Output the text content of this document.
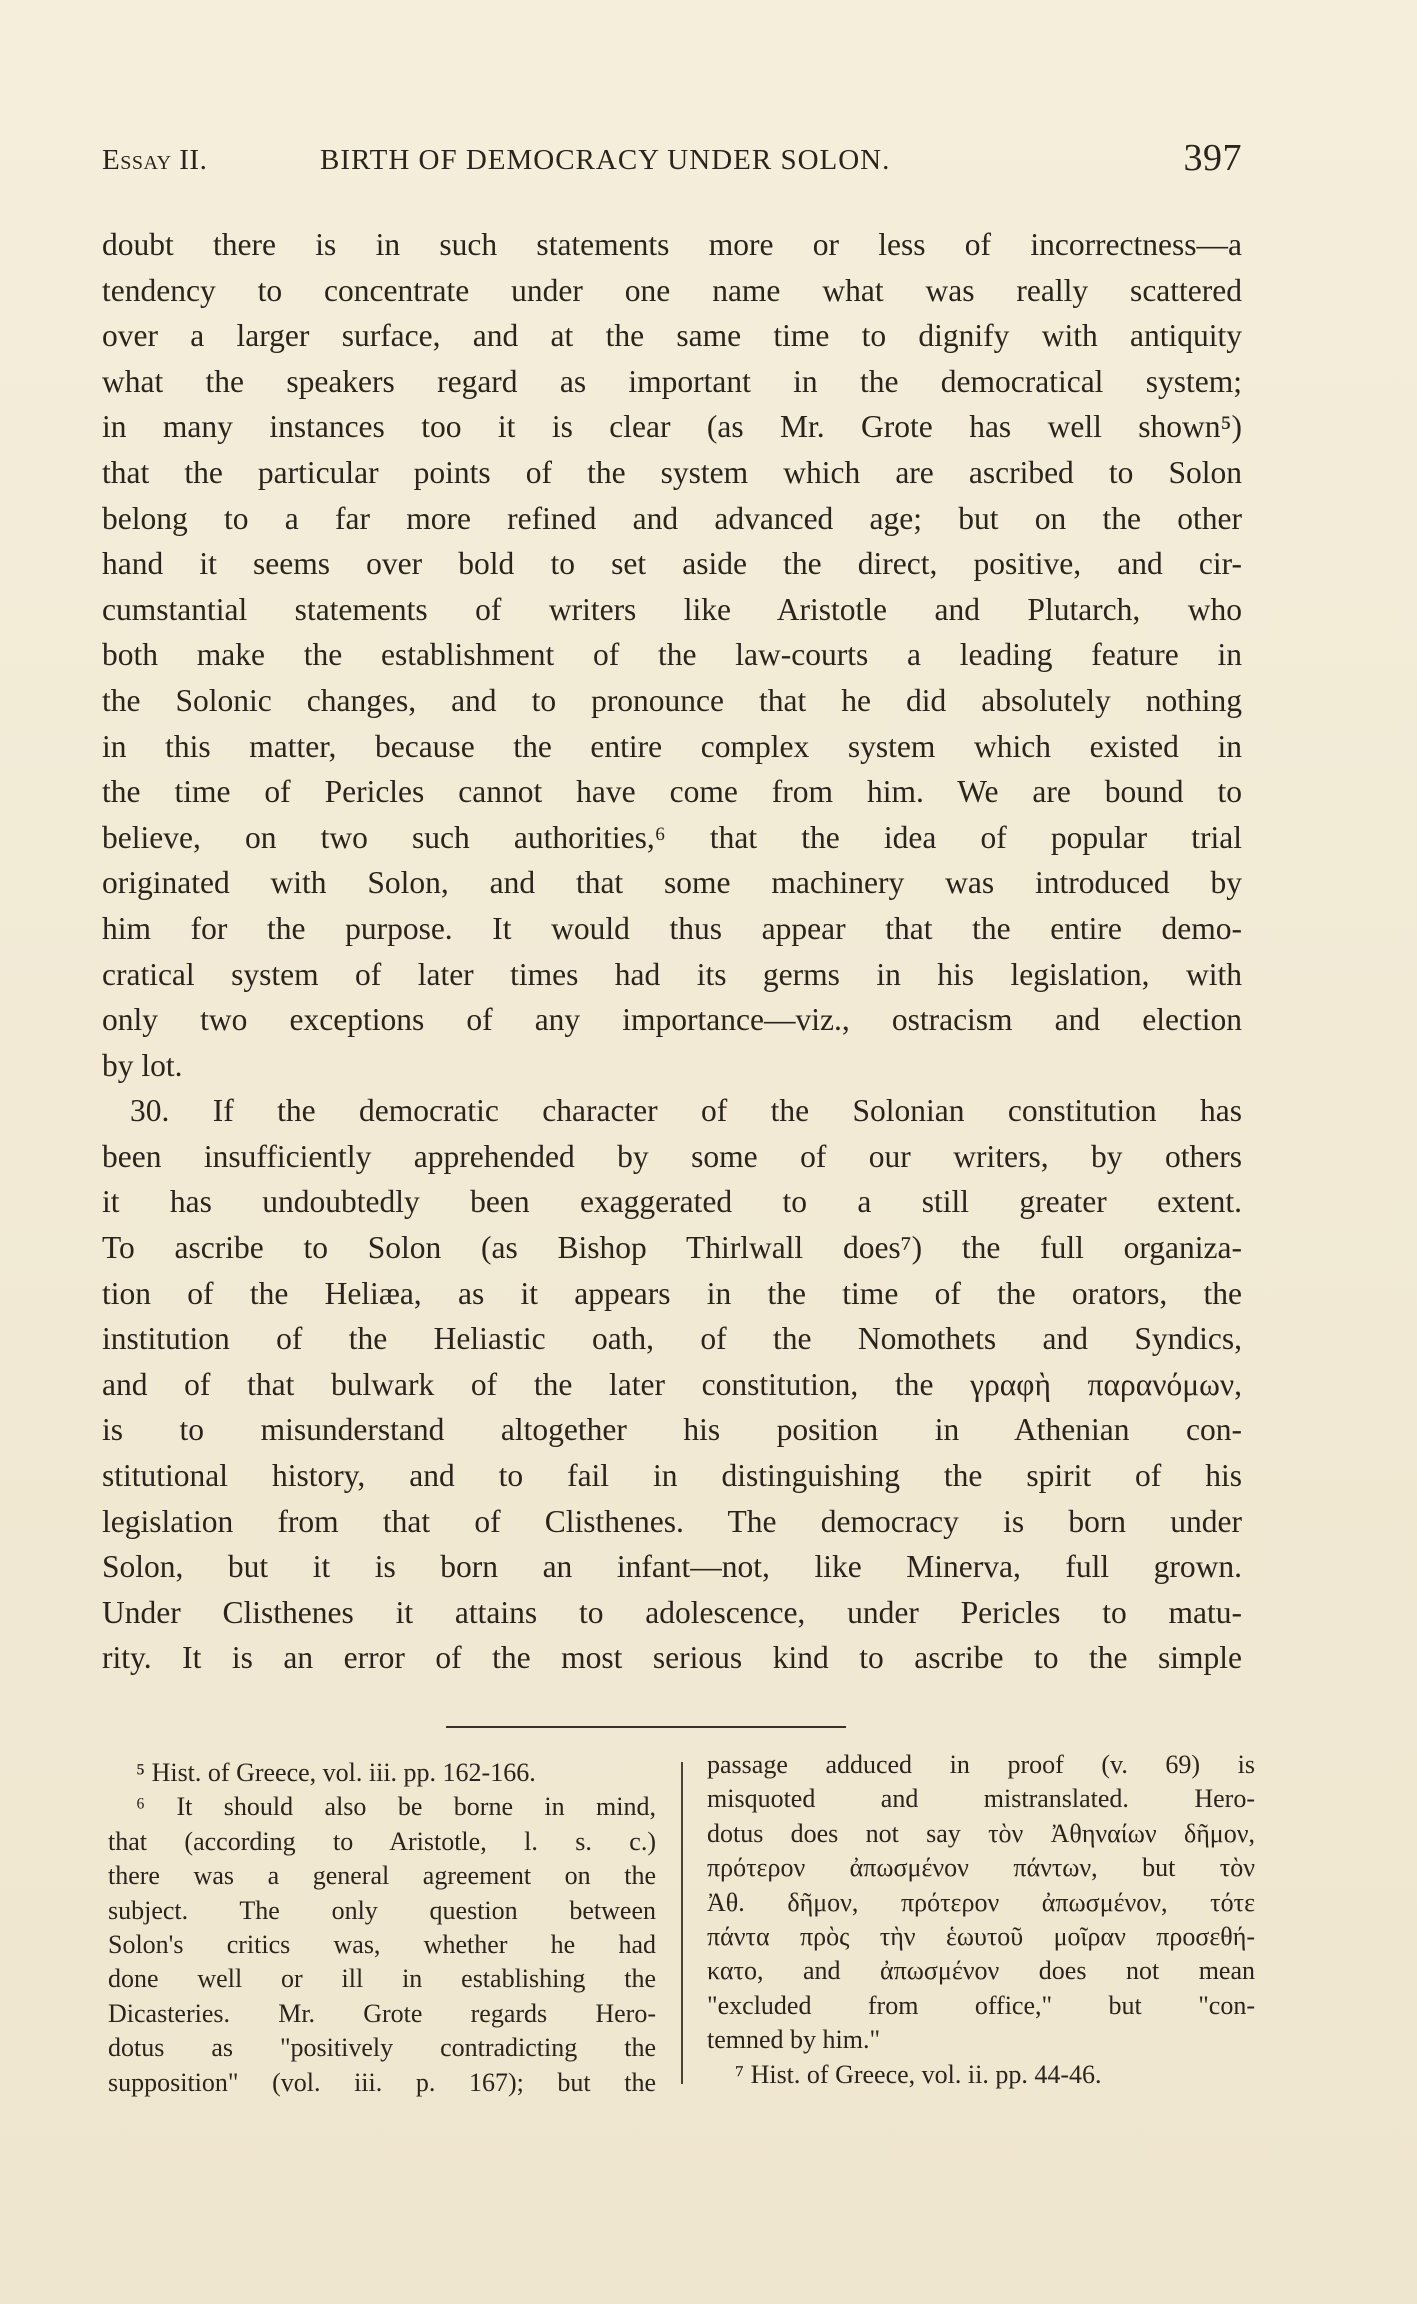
Essay II.	BIRTH OF DEMOCRACY UNDER SOLON.	397
doubt there is in such statements more or less of incorrectness—a
tendency to concentrate under one name what was really scattered
over a larger surface, and at the same time to dignify with antiquity
what the speakers regard as important in the democratical system;
in many instances too it is clear (as Mr. Grote has well shown⁵)
that the particular points of the system which are ascribed to Solon
belong to a far more refined and advanced age; but on the other
hand it seems over bold to set aside the direct, positive, and cir-
cumstantial statements of writers like Aristotle and Plutarch, who
both make the establishment of the law-courts a leading feature in
the Solonic changes, and to pronounce that he did absolutely nothing
in this matter, because the entire complex system which existed in
the time of Pericles cannot have come from him. We are bound to
believe, on two such authorities,⁶ that the idea of popular trial
originated with Solon, and that some machinery was introduced by
him for the purpose. It would thus appear that the entire demo-
cratical system of later times had its germs in his legislation, with
only two exceptions of any importance—viz., ostracism and election
by lot.
30. If the democratic character of the Solonian constitution has
been insufficiently apprehended by some of our writers, by others
it has undoubtedly been exaggerated to a still greater extent.
To ascribe to Solon (as Bishop Thirlwall does⁷) the full organiza-
tion of the Heliæa, as it appears in the time of the orators, the
institution of the Heliastic oath, of the Nomothets and Syndics,
and of that bulwark of the later constitution, the γραφὴ παρανόμων,
is to misunderstand altogether his position in Athenian con-
stitutional history, and to fail in distinguishing the spirit of his
legislation from that of Clisthenes. The democracy is born under
Solon, but it is born an infant—not, like Minerva, full grown.
Under Clisthenes it attains to adolescence, under Pericles to matu-
rity. It is an error of the most serious kind to ascribe to the simple
⁵ Hist. of Greece, vol. iii. pp. 162-166.
⁶ It should also be borne in mind,
that (according to Aristotle, l. s. c.)
there was a general agreement on the
subject. The only question between
Solon's critics was, whether he had
done well or ill in establishing the
Dicasteries. Mr. Grote regards Hero-
dotus as "positively contradicting the
supposition" (vol. iii. p. 167); but the
passage adduced in proof (v. 69) is
misquoted and mistranslated. Hero-
dotus does not say τὸν Ἀθηναίων δῆμον,
πρότερον ἀπωσμένον πάντων, but τὸν
Ἀθ. δῆμον, πρότερον ἀπωσμένον, τότε
πάντα πρὸς τὴν ἑωυτοῦ μοῖραν προσεθή-
κατο, and ἀπωσμένον does not mean
"excluded from office," but "con-
temned by him."
⁷ Hist. of Greece, vol. ii. pp. 44-46.
